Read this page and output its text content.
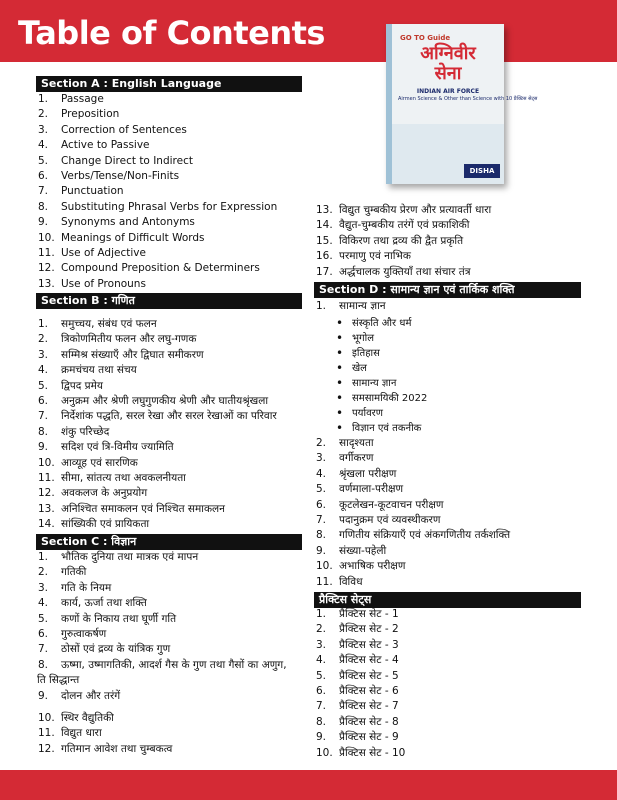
Table of Contents	GO TO Guide
अग्निवीर
सेना
INDIAN AIR FORCE
Airmen Science & Other than Science with 10 प्रैक्टिस सेट्स
DISHA
Section A : English Language
1. Passage
2. Preposition
3. Correction of Sentences
4. Active to Passive
5. Change Direct to Indirect
6. Verbs/Tense/Non-Finits
7. Punctuation
8. Substituting Phrasal Verbs for Expression
9. Synonyms and Antonyms
10. Meanings of Difficult Words
11. Use of Adjective
12. Compound Preposition & Determiners
13. Use of Pronouns
Section B : गणित
1. समुच्चय, संबंध एवं फलन
2. त्रिकोणमितीय फलन और लघु-गणक
3. सम्मिश्र संख्याएँ और द्विघात समीकरण
4. क्रमचंचय तथा संचय
5. द्विपद प्रमेय
6. अनुक्रम और श्रेणी लघुगुणकीय श्रेणी और घातीयश्रृंखला
7. निर्देशांक पद्धति, सरल रेखा और सरल रेखाओं का परिवार
8. शंकु परिच्छेद
9. सदिश एवं त्रि-विमीय ज्यामिति
10. आव्यूह एवं सारणिक
11. सीमा, सांतत्य तथा अवकलनीयता
12. अवकलज के अनुप्रयोग
13. अनिश्चित समाकलन एवं निश्चित समाकलन
14. सांख्यिकी एवं प्रायिकता
Section C : विज्ञान
1. भौतिक दुनिया तथा मात्रक एवं मापन
2. गतिकी
3. गति के नियम
4. कार्य, ऊर्जा तथा शक्ति
5. कणों के निकाय तथा घूर्णी गति
6. गुरुत्वाकर्षण
7. ठोसों एवं द्रव्य के यांत्रिक गुण
8. ऊष्मा, उष्मागतिकी, आदर्श गैस के गुण तथा गैसों का अणुग,
ति सिद्धान्त
9. दोलन और तरंगें
10. स्थिर वैद्युतिकी
11. विद्युत धारा
12. गतिमान आवेश तथा चुम्बकत्व
13. विद्युत चुम्बकीय प्रेरण और प्रत्यावर्ती धारा
14. वैद्युत-चुम्बकीय तरंगें एवं प्रकाशिकी
15. विकिरण तथा द्रव्य की द्वैत प्रकृति
16. परमाणु एवं नाभिक
17. अर्द्धचालक युक्तियाँ तथा संचार तंत्र
Section D : सामान्य ज्ञान एवं तार्किक शक्ति
1. सामान्य ज्ञान
• संस्कृति और धर्म
• भूगोल
• इतिहास
• खेल
• सामान्य ज्ञान
• समसामयिकी 2022
• पर्यावरण
• विज्ञान एवं तकनीक
2. सादृश्यता
3. वर्गीकरण
4. श्रृंखला परीक्षण
5. वर्णमाला-परीक्षण
6. कूटलेखन-कूटवाचन परीक्षण
7. पदानुक्रम एवं व्यवस्थीकरण
8. गणितीय संक्रियाएँ एवं अंकगणितीय तर्कशक्ति
9. संख्या-पहेली
10. अभाषिक परीक्षण
11. विविध
प्रैक्टिस सेट्स
1. प्रैक्टिस सेट - 1
2. प्रैक्टिस सेट - 2
3. प्रैक्टिस सेट - 3
4. प्रैक्टिस सेट - 4
5. प्रैक्टिस सेट - 5
6. प्रैक्टिस सेट - 6
7. प्रैक्टिस सेट - 7
8. प्रैक्टिस सेट - 8
9. प्रैक्टिस सेट - 9
10. प्रैक्टिस सेट - 10
